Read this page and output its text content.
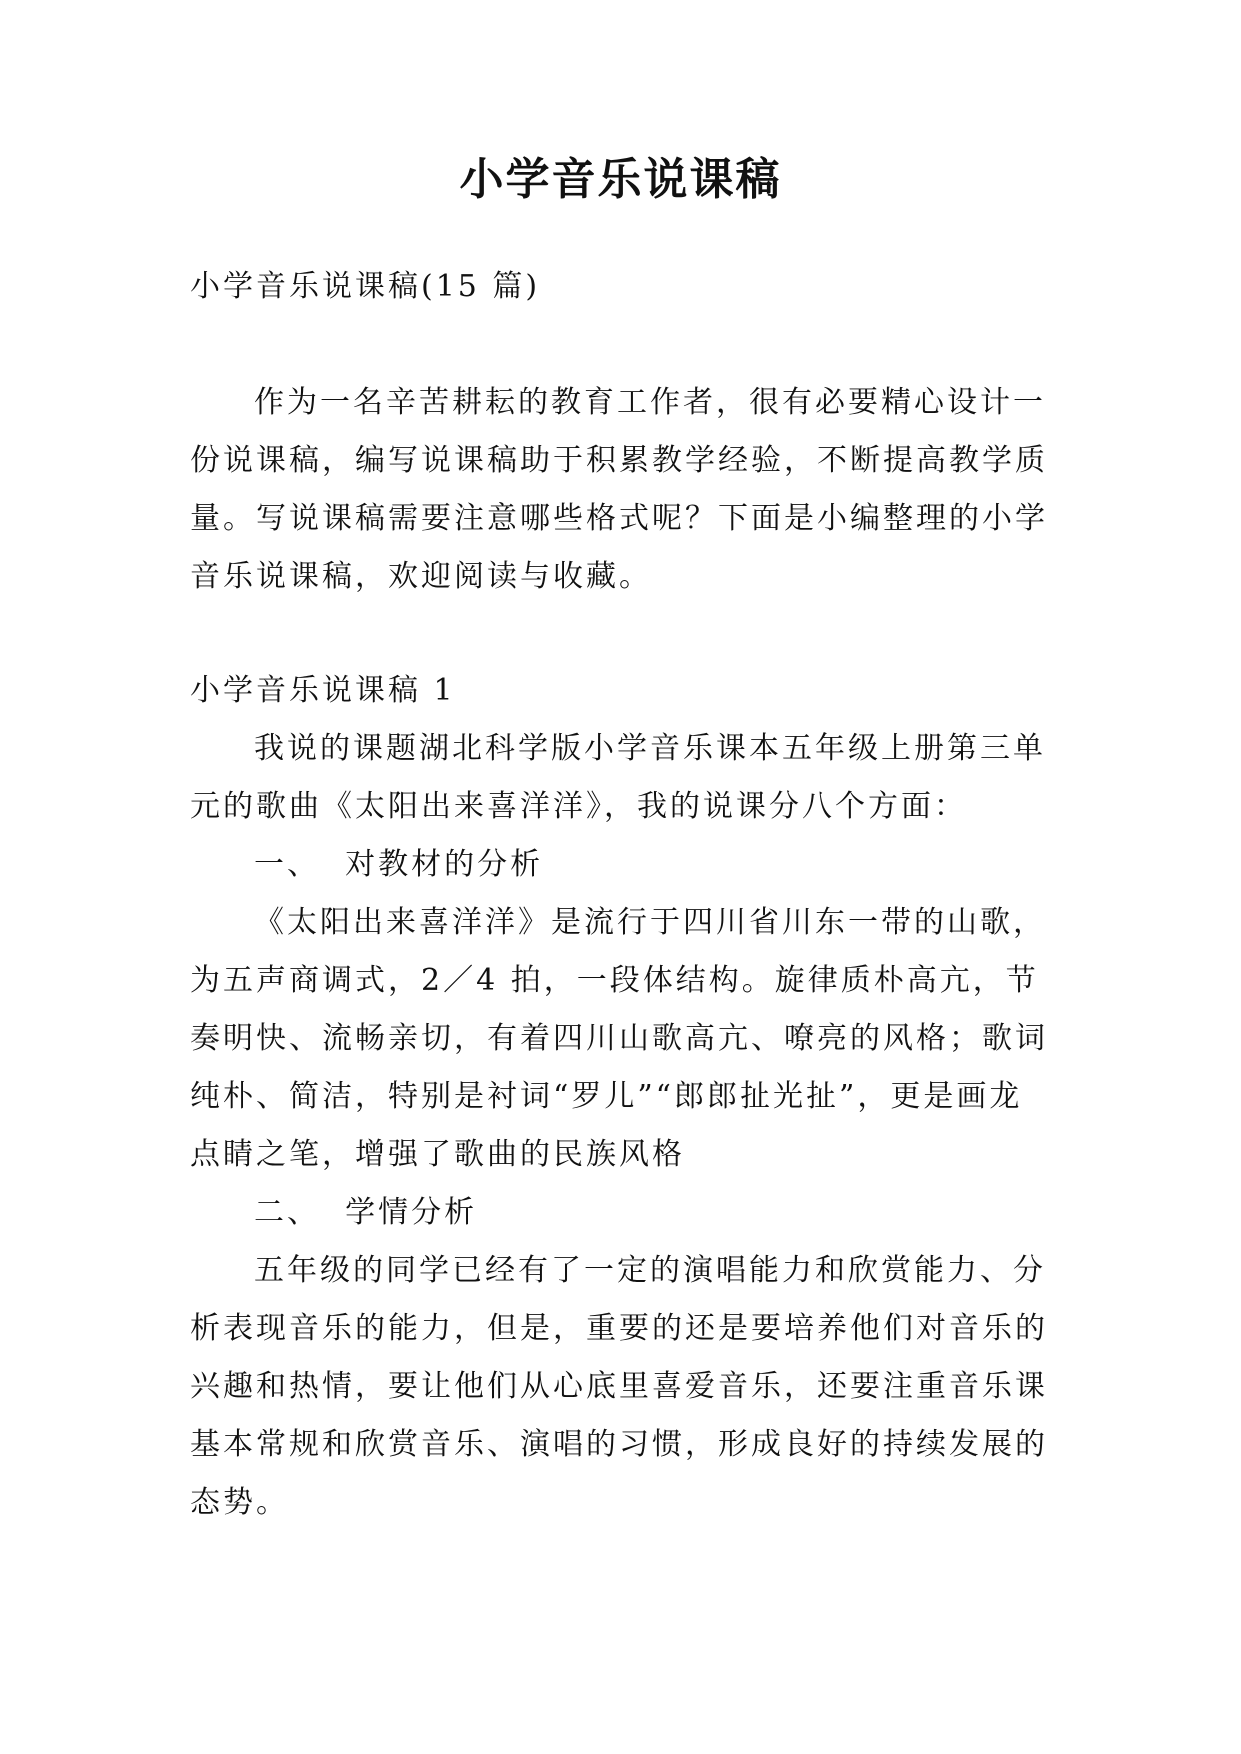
小学音乐说课稿

小学音乐说课稿(15 篇)

作为一名辛苦耕耘的教育工作者，很有必要精心设计一份说课稿，编写说课稿助于积累教学经验，不断提高教学质量。写说课稿需要注意哪些格式呢？下面是小编整理的小学音乐说课稿，欢迎阅读与收藏。

小学音乐说课稿 1

我说的课题湖北科学版小学音乐课本五年级上册第三单元的歌曲《太阳出来喜洋洋》，我的说课分八个方面：

一、  对教材的分析

《太阳出来喜洋洋》是流行于四川省川东一带的山歌，为五声商调式，2／4 拍，一段体结构。旋律质朴高亢，节奏明快、流畅亲切，有着四川山歌高亢、嘹亮的风格；歌词纯朴、简洁，特别是衬词“罗儿”“郎郎扯光扯”，更是画龙点睛之笔，增强了歌曲的民族风格

二、  学情分析

五年级的同学已经有了一定的演唱能力和欣赏能力、分析表现音乐的能力，但是，重要的还是要培养他们对音乐的兴趣和热情，要让他们从心底里喜爱音乐，还要注重音乐课基本常规和欣赏音乐、演唱的习惯，形成良好的持续发展的态势。
